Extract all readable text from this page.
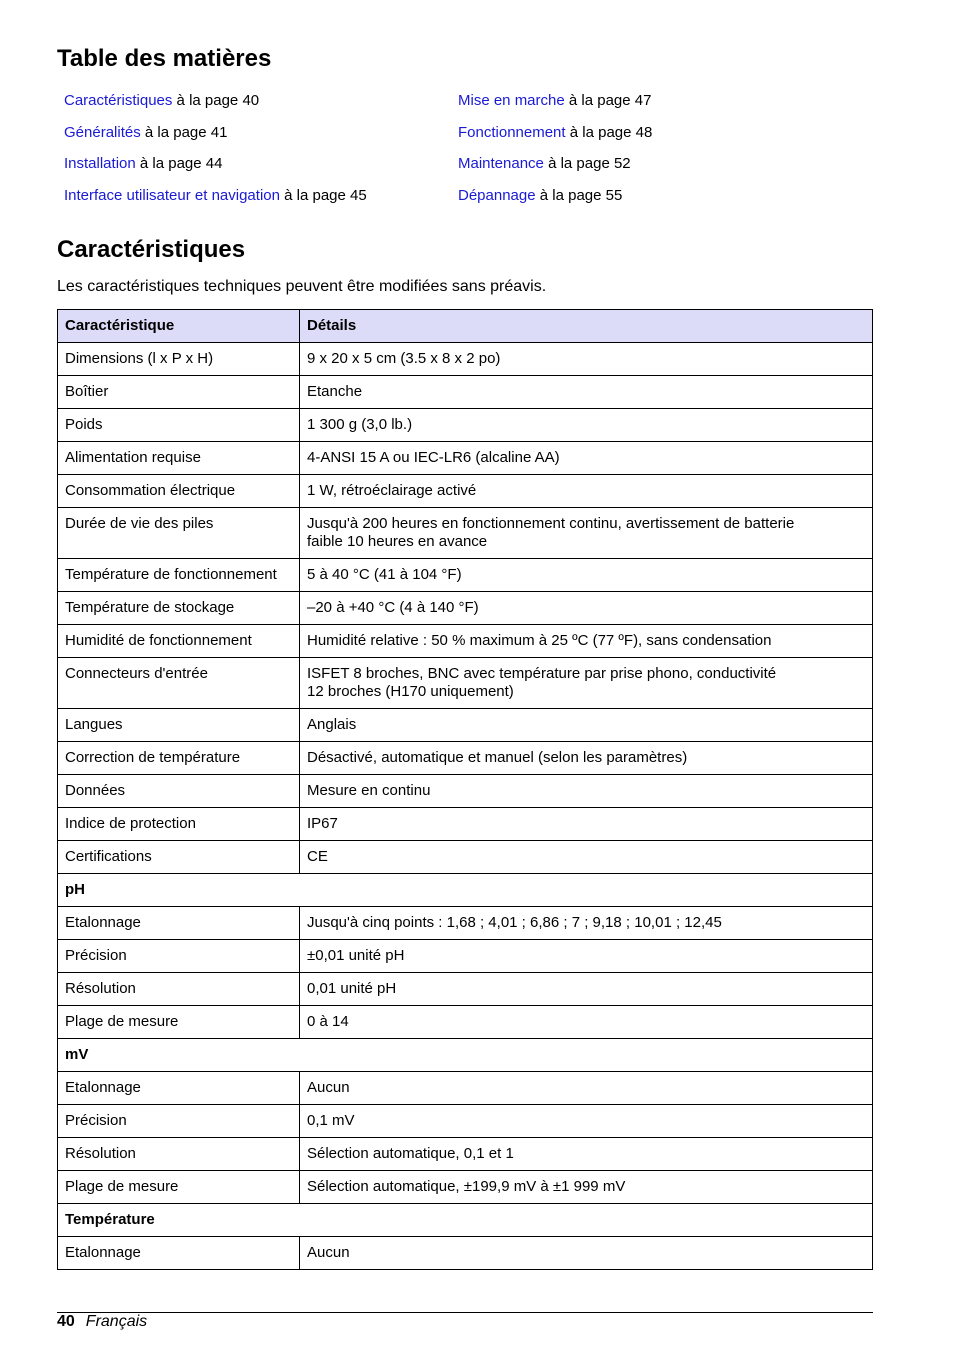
Table des matières
Caractéristiques à la page 40
Généralités à la page 41
Installation à la page 44
Interface utilisateur et navigation à la page 45
Mise en marche à la page 47
Fonctionnement à la page 48
Maintenance à la page 52
Dépannage à la page 55
Caractéristiques

Les caractéristiques techniques peuvent être modifiées sans préavis.

Caractéristique	Détails
Dimensions (l x P x H)	9 x 20 x 5 cm (3.5 x 8 x 2 po)

Boîtier	Etanche

Poids	1 300 g (3,0 lb.)

Alimentation requise	4-ANSI 15 A ou IEC-LR6 (alcaline AA)

Consommation électrique	1 W, rétroéclairage activé

Durée de vie des piles	Jusqu'à 200 heures en fonctionnement continu, avertissement de batterie
faible 10 heures en avance

Température de fonctionnement	5 à 40 °C (41 à 104 °F)

Température de stockage	–20 à +40 °C (4 à 140 °F)

Humidité de fonctionnement	Humidité relative : 50 % maximum à 25 ºC (77 ºF), sans condensation

Connecteurs d'entrée	ISFET 8 broches, BNC avec température par prise phono, conductivité
12 broches (H170 uniquement)

Langues	Anglais

Correction de température	Désactivé, automatique et manuel (selon les paramètres)

Données	Mesure en continu

Indice de protection	IP67

Certifications	CE

pH	
Etalonnage	Jusqu'à cinq points : 1,68 ; 4,01 ; 6,86 ; 7 ; 9,18 ; 10,01 ; 12,45

Précision	±0,01 unité pH

Résolution	0,01 unité pH

Plage de mesure	0 à 14

mV	
Etalonnage	Aucun

Précision	0,1 mV

Résolution	Sélection automatique, 0,1 et 1

Plage de mesure	Sélection automatique, ±199,9 mV à ±1 999 mV

Température	
Etalonnage	Aucun
40 Français
